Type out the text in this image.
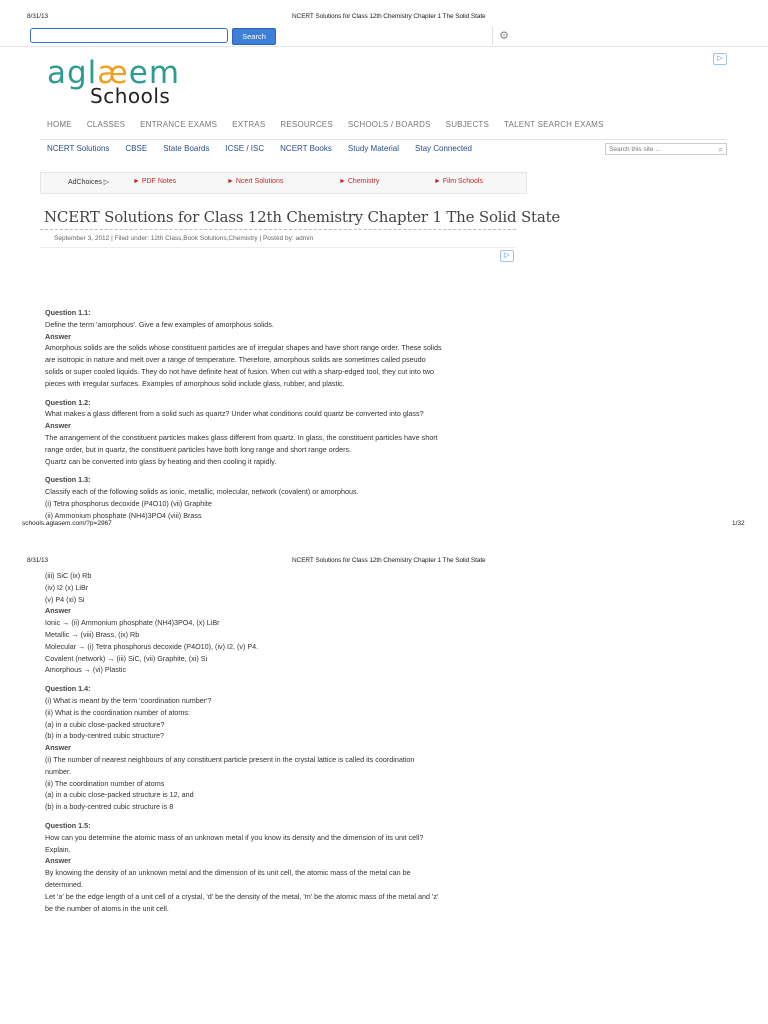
8/31/13	NCERT Solutions for Class 12th Chemistry Chapter 1 The Solid State
Search	⚙
▷
aglæem
Schools
HOME CLASSES ENTRANCE EXAMS EXTRAS RESOURCES SCHOOLS / BOARDS SUBJECTS TALENT SEARCH EXAMS
NCERT Solutions CBSE State Boards ICSE / ISC NCERT Books Study Material Stay Connected	Search this site ...	⌕
AdChoices ▷	► PDF Notes	► Ncert Solutions	► Chemistry	► Film Schools
NCERT Solutions for Class 12th Chemistry Chapter 1 The Solid State
September 3, 2012 | Filed under: 12th Class,Book Solutions,Chemistry | Posted by: admin
▷
Question 1.1:
Define the term 'amorphous'. Give a few examples of amorphous solids.
Answer
Amorphous solids are the solids whose constituent particles are of irregular shapes and have short range order. These solids
are isotropic in nature and melt over a range of temperature. Therefore, amorphous solids are sometimes called pseudo
solids or super cooled liquids. They do not have definite heat of fusion. When cut with a sharp-edged tool, they cut into two
pieces with irregular surfaces. Examples of amorphous solid include glass, rubber, and plastic.
Question 1.2:
What makes a glass different from a solid such as quartz? Under what conditions could quartz be converted into glass?
Answer
The arrangement of the constituent particles makes glass different from quartz. In glass, the constituent particles have short
range order, but in quartz, the constituent particles have both long range and short range orders.
Quartz can be converted into glass by heating and then cooling it rapidly.
Question 1.3:
Classify each of the following solids as ionic, metallic, molecular, network (covalent) or amorphous.
(i) Tetra phosphorus decoxide (P4O10) (vii) Graphite
(ii) Ammonium phosphate (NH4)3PO4 (viii) Brass
schools.aglasem.com/?p=2967	1/32
8/31/13	NCERT Solutions for Class 12th Chemistry Chapter 1 The Solid State
(iii) SiC (ix) Rb
(iv) I2 (x) LiBr
(v) P4 (xi) Si
Answer
Ionic → (ii) Ammonium phosphate (NH4)3PO4, (x) LiBr
Metallic → (viii) Brass, (ix) Rb
Molecular → (i) Tetra phosphorus decoxide (P4O10), (iv) I2, (v) P4.
Covalent (network) → (iii) SiC, (vii) Graphite, (xi) Si
Amorphous → (vi) Plastic
Question 1.4:
(i) What is meant by the term 'coordination number'?
(ii) What is the coordination number of atoms:
(a) in a cubic close-packed structure?
(b) in a body-centred cubic structure?
Answer
(i) The number of nearest neighbours of any constituent particle present in the crystal lattice is called its coordination
number.
(ii) The coordination number of atoms
(a) in a cubic close-packed structure is 12, and
(b) in a body-centred cubic structure is 8
Question 1.5:
How can you determine the atomic mass of an unknown metal if you know its density and the dimension of its unit cell?
Explain.
Answer
By knowing the density of an unknown metal and the dimension of its unit cell, the atomic mass of the metal can be
determined.
Let 'a' be the edge length of a unit cell of a crystal, 'd' be the density of the metal, 'm' be the atomic mass of the metal and 'z'
be the number of atoms in the unit cell.
